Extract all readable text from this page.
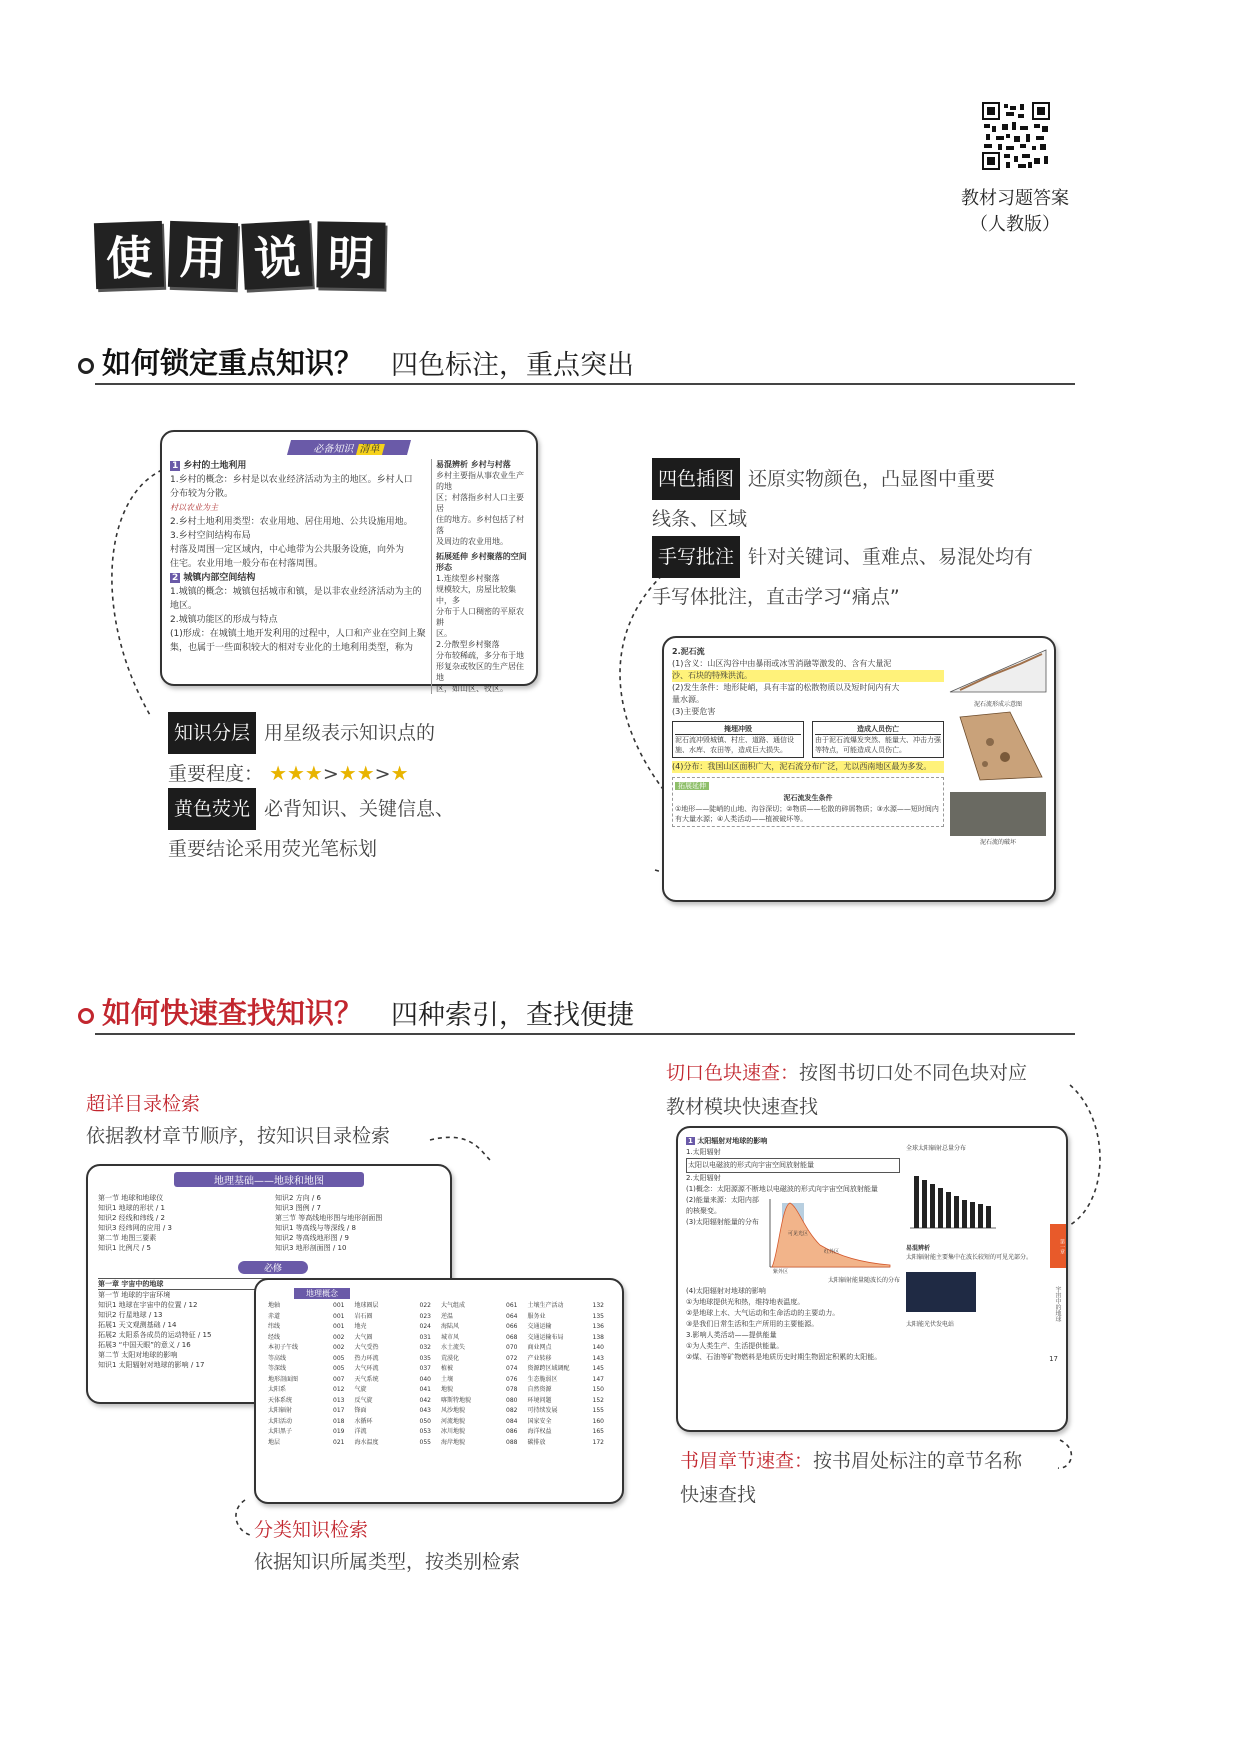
教材习题答案
（人教版）
使 用 说 明
如何锁定重点知识？ 四色标注，重点突出
必备知识 清单

1 乡村的土地利用

1.乡村的概念：乡村是以农业经济活动为主的地区。乡村人口

分布较为分散。

村以农业为主

2.乡村土地利用类型：农业用地、居住用地、公共设施用地。

3.乡村空间结构布局

村落及周围一定区域内，中心地带为公共服务设施，向外为

住宅。农业用地一般分布在村落周围。

2 城镇内部空间结构

1.城镇的概念：城镇包括城市和镇，是以非农业经济活动为主的

地区。

2.城镇功能区的形成与特点

(1)形成：在城镇土地开发利用的过程中，人口和产业在空间上聚

集，也属于一些面积较大的相对专业化的土地利用类型，称为

易混辨析 乡村与村落

乡村主要指从事农业生产的地

区；村落指乡村人口主要居

住的地方。乡村包括了村落

及周边的农业用地。

拓展延伸 乡村聚落的空间形态

1.连续型乡村聚落

规模较大，房屋比较集中，多

分布于人口稠密的平原农耕

区。

2.分散型乡村聚落

分布较稀疏，多分布于地

形复杂或牧区的生产居住地

区，如山区、牧区。

知识分层 用星级表示知识点的
重要程度： ★★★>★★>★
黄色荧光 必背知识、关键信息、
重要结论采用荧光笔标划
四色插图 还原实物颜色，凸显图中重要
线条、区域
手写批注 针对关键词、重难点、易混处均有
手写体批注，直击学习“痛点”

2.泥石流

(1)含义：山区沟谷中由暴雨或冰雪消融等激发的、含有大量泥

沙、石块的特殊洪流。

(2)发生条件：地形陡峭，具有丰富的松散物质以及短时间内有大

量水源。

(3)主要危害

掩埋冲毁
泥石流冲毁城镇、村庄、道路、通信设施、水库、农田等，造成巨大损失。
造成人员伤亡
由于泥石流爆发突然、能量大、冲击力强等特点，可能造成人员伤亡。

(4)分布：我国山区面积广大，泥石流分布广泛，尤以西南地区最为多发。

拓展延伸
泥石流发生条件
①地形——陡峭的山地、沟谷深切；②物质——松散的碎屑物质；③水源——短时间内有大量水源；④人类活动——植被破坏等。
泥石流形成示意图
泥石流的破坏
如何快速查找知识？ 四种索引，查找便捷
超详目录检索
依据教材章节顺序，按知识目录检索
地理基础——地球和地图

第一节 地球和地球仪

知识1 地球的形状 / 1

知识2 经线和纬线 / 2

知识3 经纬网的应用 / 3

第二节 地图三要素

知识1 比例尺 / 5

知识2 方向 / 6

知识3 图例 / 7

第三节 等高线地形图与地形剖面图

知识1 等高线与等深线 / 8

知识2 等高线地形图 / 9

知识3 地形剖面图 / 10

必修

第一章 宇宙中的地球

第一节 地球的宇宙环境

知识1 地球在宇宙中的位置 / 12

知识2 行星地球 / 13

拓展1 天文观测基础 / 14

拓展2 太阳系各成员的运动特征 / 15

拓展3 “中国天眼”的意义 / 16

第二节 太阳对地球的影响

知识1 太阳辐射对地球的影响 / 17

地理概念
地轴	001
赤道	001
纬线	001
经线	002
本初子午线	002
等高线	005
等深线	005
地形剖面图	007
太阳系	012
天体系统	013
太阳辐射	017
太阳活动	018
太阳黑子	019
地层	021
地球圈层	022
岩石圈	023
地壳	024
大气圈	031
大气受热	032
热力环流	035
大气环流	037
天气系统	040
气旋	041
反气旋	042
锋面	043
水循环	050
洋流	053
海水温度	055
大气组成	061
逆温	064
海陆风	066
城市风	068
水土流失	070
荒漠化	072
植被	074
土壤	076
地貌	078
喀斯特地貌	080
风沙地貌	082
河流地貌	084
冰川地貌	086
海岸地貌	088
土壤生产活动	132
服务业	135
交通运输	136
交通运输布局	138
商业网点	140
产业转移	143
资源跨区域调配	145
生态脆弱区	147
自然资源	150
环境问题	152
可持续发展	155
国家安全	160
海洋权益	165
碳排放	172
分类知识检索
依据知识所属类型，按类别检索
切口色块速查：按图书切口处不同色块对应
教材模块快速查找

1 太阳辐射对地球的影响

1.太阳辐射

太阳以电磁波的形式向宇宙空间放射能量

2.太阳辐射

(1)概念：太阳源源不断地以电磁波的形式向宇宙空间放射能量

(2)能量来源：太阳内部的核聚变。

(3)太阳辐射能量的分布

紫外区
可见光区
红外区

太阳辐射能量随波长的分布

(4)太阳辐射对地球的影响

①为地球提供光和热，维持地表温度。

②是地球上水、大气运动和生命活动的主要动力。

③是我们日常生活和生产所用的主要能源。

3.影响人类活动——提供能量

①为人类生产、生活提供能量。

②煤、石油等矿物燃料是地质历史时期生物固定积累的太阳能。

全球太阳辐射总量分布

易混辨析

太阳辐射能主要集中在波长较短的可见光部分。

太阳能光伏发电站

第一章
宇宙中的地球
17
书眉章节速查：按书眉处标注的章节名称
快速查找
